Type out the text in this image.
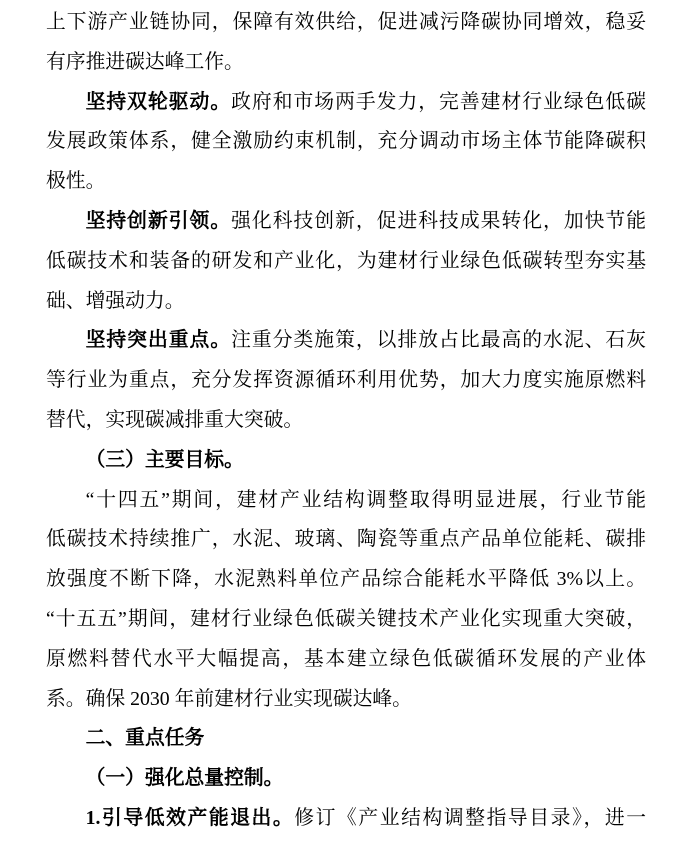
上下游产业链协同，保障有效供给，促进减污降碳协同增效，稳妥
有序推进碳达峰工作。
坚持双轮驱动。政府和市场两手发力，完善建材行业绿色低碳
发展政策体系，健全激励约束机制，充分调动市场主体节能降碳积
极性。
坚持创新引领。强化科技创新，促进科技成果转化，加快节能
低碳技术和装备的研发和产业化，为建材行业绿色低碳转型夯实基
础、增强动力。
坚持突出重点。注重分类施策，以排放占比最高的水泥、石灰
等行业为重点，充分发挥资源循环利用优势，加大力度实施原燃料
替代，实现碳减排重大突破。
（三）主要目标。
“十四五”期间，建材产业结构调整取得明显进展，行业节能
低碳技术持续推广，水泥、玻璃、陶瓷等重点产品单位能耗、碳排
放强度不断下降，水泥熟料单位产品综合能耗水平降低 3%以上。
“十五五”期间，建材行业绿色低碳关键技术产业化实现重大突破，
原燃料替代水平大幅提高，基本建立绿色低碳循环发展的产业体
系。确保 2030 年前建材行业实现碳达峰。
二、重点任务
（一）强化总量控制。
1.引导低效产能退出。修订《产业结构调整指导目录》，进一
